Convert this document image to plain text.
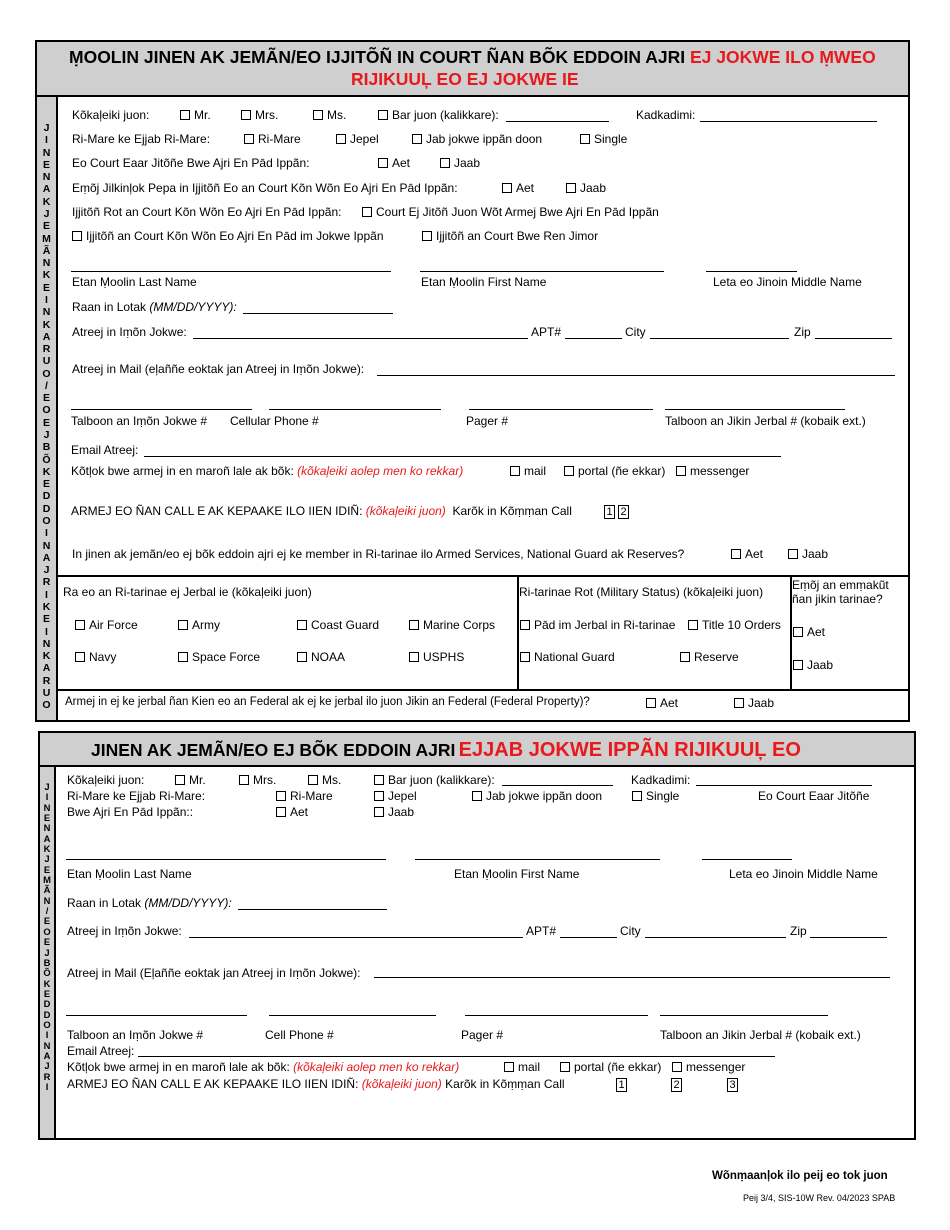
ṂOOLIN JINEN AK JEMÃN/EO IJJITÕÑ IN COURT ÑAN BÕK EDDOIN AJRI EJ JOKWE ILO ṂWEO
RIJIKUUĻ EO EJ JOKWE IE
J
I
N
E
N
A
K
J
E
M
Ã
N
K
E
I
N
K
A
R
U
O
/
E
O
E
J
B
Õ
K
E
D
D
O
I
N
A
J
R
I
K
E
I
N
K
A
R
U
O
Kõkaļeiki juon:	Mr.	Mrs.	Ms.	Bar juon (kalikkare):	Kadkadimi:
Ri-Mare ke Ejjab Ri-Mare:	Ri-Mare	Jepel	Jab jokwe ippãn doon	Single
Eo Court Eaar Jitõñe Bwe Ajri En Pād Ippãn:	Aet	Jaab
Eṃõj Jilkinļok Pepa in Ijjitõñ Eo an Court Kõn Wõn Eo Ajri En Pād Ippãn:	Aet	Jaab
Ijjitõñ Rot an Court Kõn Wõn Eo Ajri En Pād Ippãn:	Court Ej Jitõñ Juon Wõt Armej Bwe Ajri En Pād Ippãn
Ijjitõñ an Court Kõn Wõn Eo Ajri En Pād im Jokwe Ippãn	Ijjitõñ an Court Bwe Ren Jimor
Etan Ṃoolin Last Name	Etan Ṃoolin First Name	Leta eo Jinoin Middle Name
Raan in Lotak (MM/DD/YYYY):
Atreej in Iṃõn Jokwe:	APT#	City	Zip
Atreej in Mail (eļaññe eoktak jan Atreej in Iṃõn Jokwe):
Talboon an Iṃõn Jokwe # Cellular Phone #	Pager #	Talboon an Jikin Jerbal # (kobaik ext.)
Email Atreej:
Kõtļok bwe armej in en maroñ lale ak bõk: (kõkaļeiki aolep men ko rekkar)	mail	portal (ñe ekkar)	messenger
ARMEJ EO ÑAN CALL E AK KEPAAKE ILO IIEN IDIÑ: (kõkaļeiki juon) Karõk in Kõṃṃan Call	1 2
In jinen ak jemãn/eo ej bõk eddoin ajri ej ke member in Ri-tarinae ilo Armed Services, National Guard ak Reserves?	Aet	Jaab
Ra eo an Ri-tarinae ej Jerbal ie (kõkaļeiki juon)
Air Force	Army	Coast Guard	Marine Corps
Navy	Space Force	NOAA	USPHS
Ri-tarinae Rot (Military Status) (kõkaļeiki juon)
Pād im Jerbal in Ri-tarinae	Title 10 Orders
National Guard	Reserve
Eṃõj an emṃakũt
ñan jikin tarinae?
Aet
Jaab
Armej in ej ke jerbal ñan Kien eo an Federal ak ej ke jerbal ilo juon Jikin an Federal (Federal Property)?	Aet	Jaab
JINEN AK JEMÃN/EO EJ BÕK EDDOIN AJRI EJJAB JOKWE IPPÃN RIJIKUUĻ EO
J
I
N
E
N
A
K
J
E
M
Ã
N
/
E
O
E
J
B
Õ
K
E
D
D
O
I
N
A
J
R
I
Kõkaļeiki juon:	Mr.	Mrs.	Ms.	Bar juon (kalikkare):	Kadkadimi:
Ri-Mare ke Ejjab Ri-Mare:	Ri-Mare	Jepel	Jab jokwe ippãn doon	Single	Eo Court Eaar Jitõñe
Bwe Ajri En Pād Ippãn::	Aet	Jaab
Etan Ṃoolin Last Name	Etan Ṃoolin First Name	Leta eo Jinoin Middle Name
Raan in Lotak (MM/DD/YYYY):
Atreej in Iṃõn Jokwe:	APT#	City	Zip
Atreej in Mail (Eļaññe eoktak jan Atreej in Iṃõn Jokwe):
Talboon an Iṃõn Jokwe #	Cell Phone #	Pager #	Talboon an Jikin Jerbal # (kobaik ext.)
Email Atreej:
Kõtļok bwe armej in en maroñ lale ak bõk: (kõkaļeiki aolep men ko rekkar)	mail	portal (ñe ekkar)	messenger
ARMEJ EO ÑAN CALL E AK KEPAAKE ILO IIEN IDIÑ: (kõkaļeiki juon) Karõk in Kõṃṃan Call	1	2	3
Wõnṃaanļok ilo peij eo tok juon
Peij 3/4, SIS-10W Rev. 04/2023 SPAB
